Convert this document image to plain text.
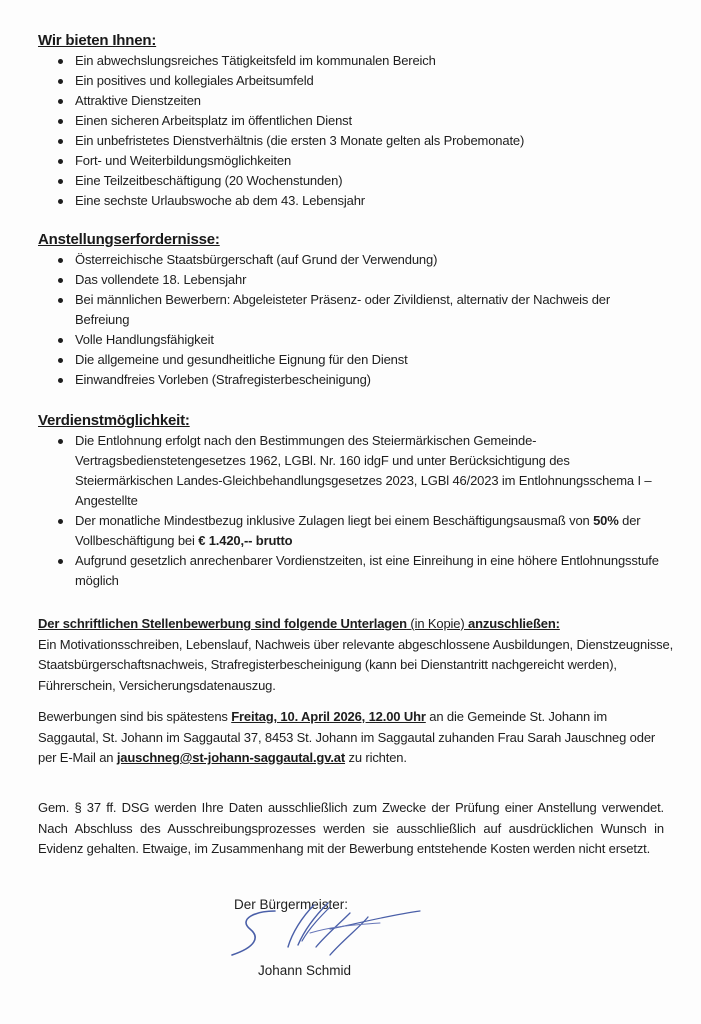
Wir bieten Ihnen:
Ein abwechslungsreiches Tätigkeitsfeld im kommunalen Bereich
Ein positives und kollegiales Arbeitsumfeld
Attraktive Dienstzeiten
Einen sicheren Arbeitsplatz im öffentlichen Dienst
Ein unbefristetes Dienstverhältnis (die ersten 3 Monate gelten als Probemonate)
Fort- und Weiterbildungsmöglichkeiten
Eine Teilzeitbeschäftigung (20 Wochenstunden)
Eine sechste Urlaubswoche ab dem 43. Lebensjahr
Anstellungserfordernisse:
Österreichische Staatsbürgerschaft (auf Grund der Verwendung)
Das vollendete 18. Lebensjahr
Bei männlichen Bewerbern: Abgeleisteter Präsenz- oder Zivildienst, alternativ der Nachweis der Befreiung
Volle Handlungsfähigkeit
Die allgemeine und gesundheitliche Eignung für den Dienst
Einwandfreies Vorleben (Strafregisterbescheinigung)
Verdienstmöglichkeit:
Die Entlohnung erfolgt nach den Bestimmungen des Steiermärkischen Gemeinde-Vertragsbedienstetengesetzes 1962, LGBl. Nr. 160 idgF und unter Berücksichtigung des Steiermärkischen Landes-Gleichbehandlungsgesetzes 2023, LGBl 46/2023 im Entlohnungsschema I – Angestellte
Der monatliche Mindestbezug inklusive Zulagen liegt bei einem Beschäftigungsausmaß von 50% der Vollbeschäftigung bei € 1.420,-- brutto
Aufgrund gesetzlich anrechenbarer Vordienstzeiten, ist eine Einreihung in eine höhere Entlohnungsstufe möglich
Der schriftlichen Stellenbewerbung sind folgende Unterlagen (in Kopie) anzuschließen:
Ein Motivationsschreiben, Lebenslauf, Nachweis über relevante abgeschlossene Ausbildungen, Dienstzeugnisse, Staatsbürgerschaftsnachweis, Strafregisterbescheinigung (kann bei Dienstantritt nachgereicht werden), Führerschein, Versicherungsdatenauszug.
Bewerbungen sind bis spätestens Freitag, 10. April 2026, 12.00 Uhr an die Gemeinde St. Johann im Saggautal, St. Johann im Saggautal 37, 8453 St. Johann im Saggautal zuhanden Frau Sarah Jauschneg oder per E-Mail an jauschneg@st-johann-saggautal.gv.at zu richten.
Gem. § 37 ff. DSG werden Ihre Daten ausschließlich zum Zwecke der Prüfung einer Anstellung verwendet. Nach Abschluss des Ausschreibungsprozesses werden sie ausschließlich auf ausdrücklichen Wunsch in Evidenz gehalten. Etwaige, im Zusammenhang mit der Bewerbung entstehende Kosten werden nicht ersetzt.
Der Bürgermeister:
Johann Schmid
